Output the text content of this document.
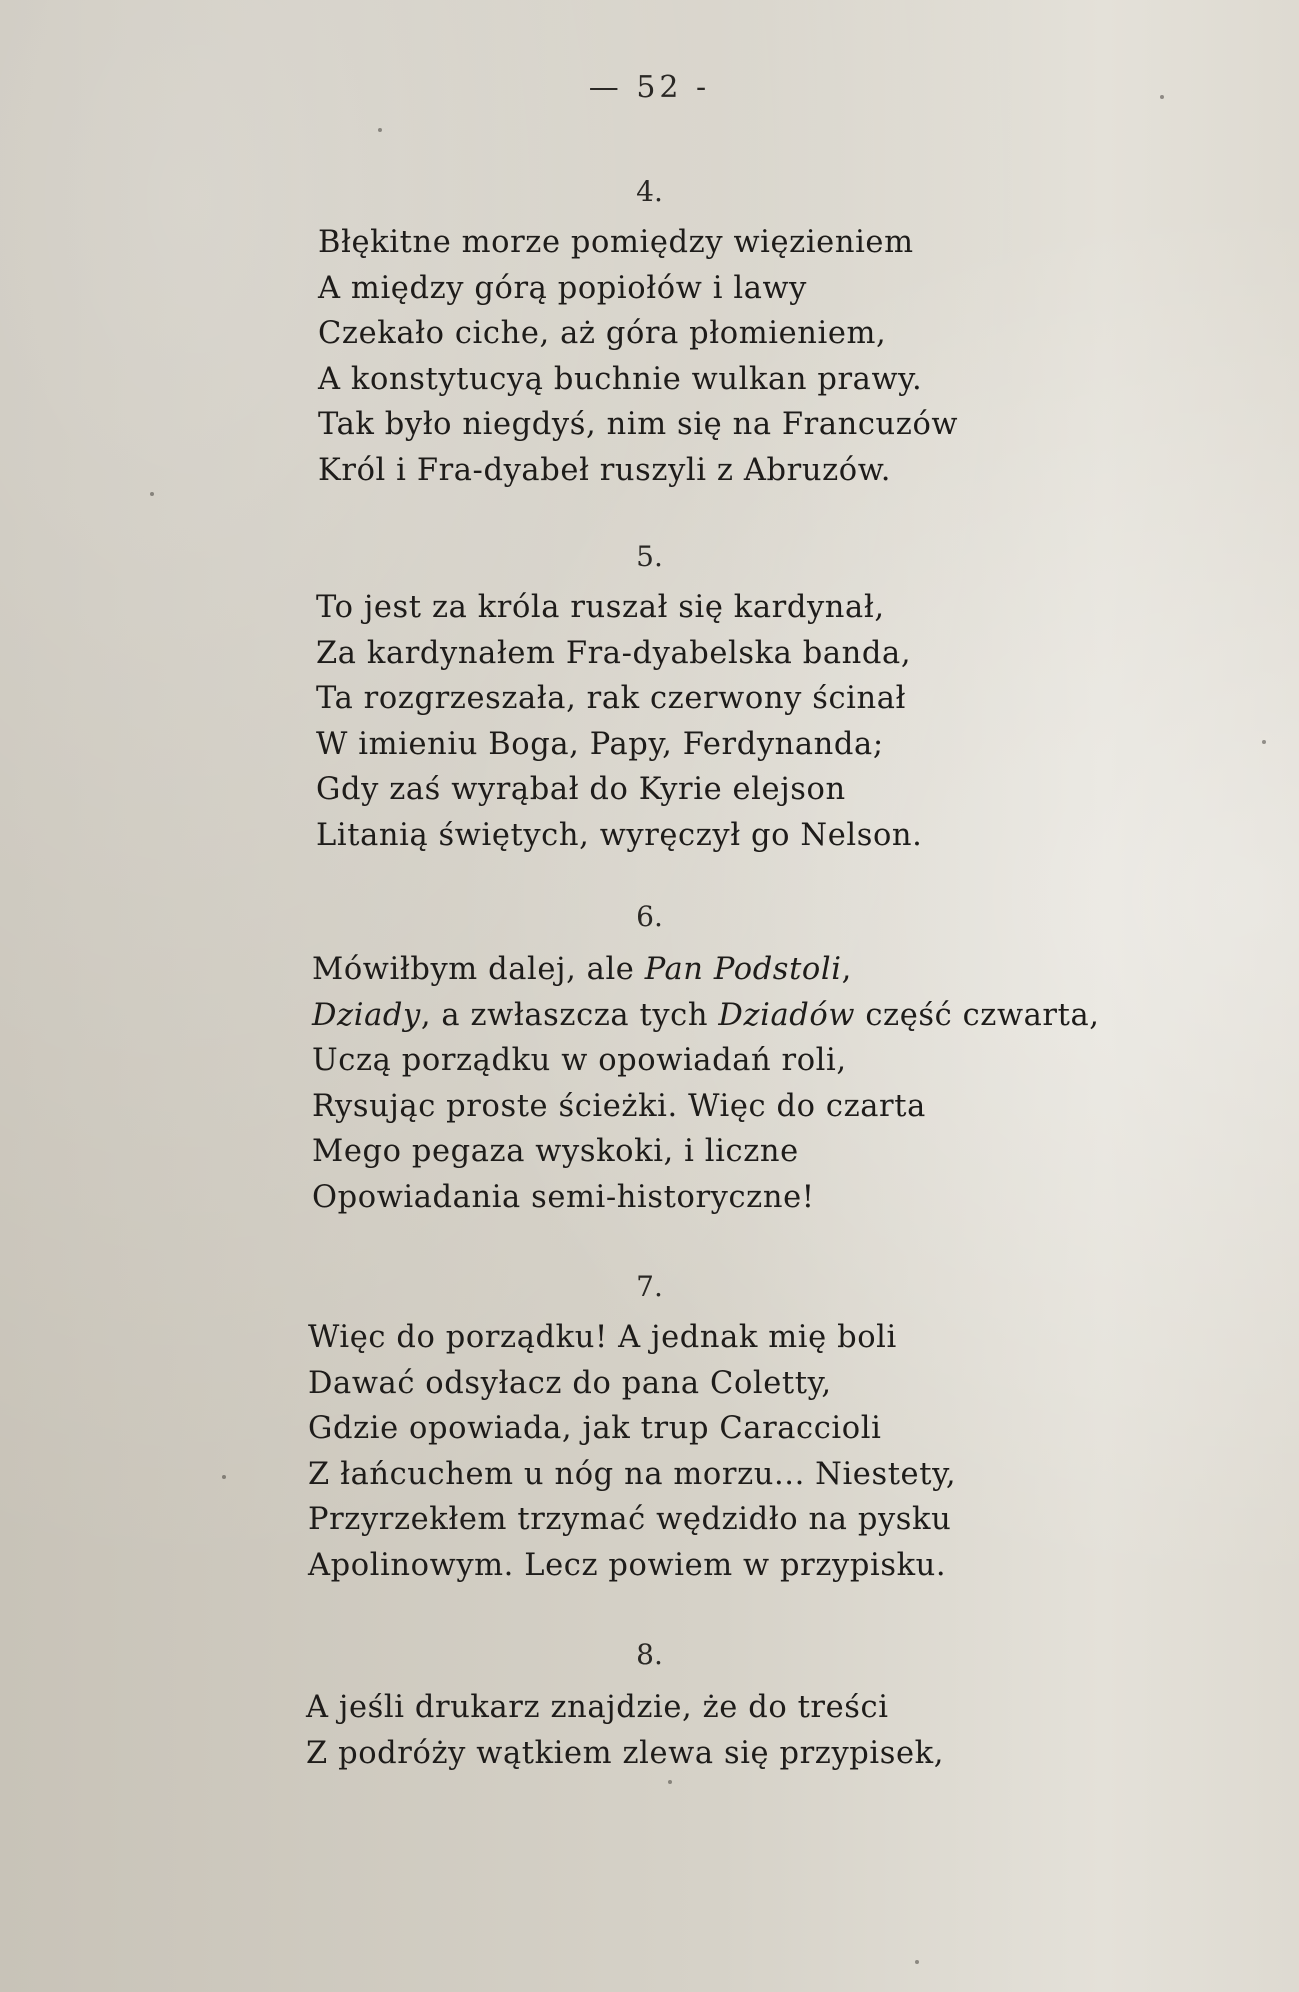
— 52 -
4.
Błękitne morze pomiędzy więzieniem
A między górą popiołów i lawy
Czekało ciche, aż góra płomieniem,
A konstytucyą buchnie wulkan prawy.
Tak było niegdyś, nim się na Francuzów
Król i Fra-dyabeł ruszyli z Abruzów.
5.
To jest za króla ruszał się kardynał,
Za kardynałem Fra-dyabelska banda,
Ta rozgrzeszała, rak czerwony ścinał
W imieniu Boga, Papy, Ferdynanda;
Gdy zaś wyrąbał do Kyrie elejson
Litanią świętych, wyręczył go Nelson.
6.
Mówiłbym dalej, ale Pan Podstoli,
Dziady, a zwłaszcza tych Dziadów część czwarta,
Uczą porządku w opowiadań roli,
Rysując proste ścieżki. Więc do czarta
Mego pegaza wyskoki, i liczne
Opowiadania semi-historyczne!
7.
Więc do porządku! A jednak mię boli
Dawać odsyłacz do pana Coletty,
Gdzie opowiada, jak trup Caraccioli
Z łańcuchem u nóg na morzu... Niestety,
Przyrzekłem trzymać wędzidło na pysku
Apolinowym. Lecz powiem w przypisku.
8.
A jeśli drukarz znajdzie, że do treści
Z podróży wątkiem zlewa się przypisek,
